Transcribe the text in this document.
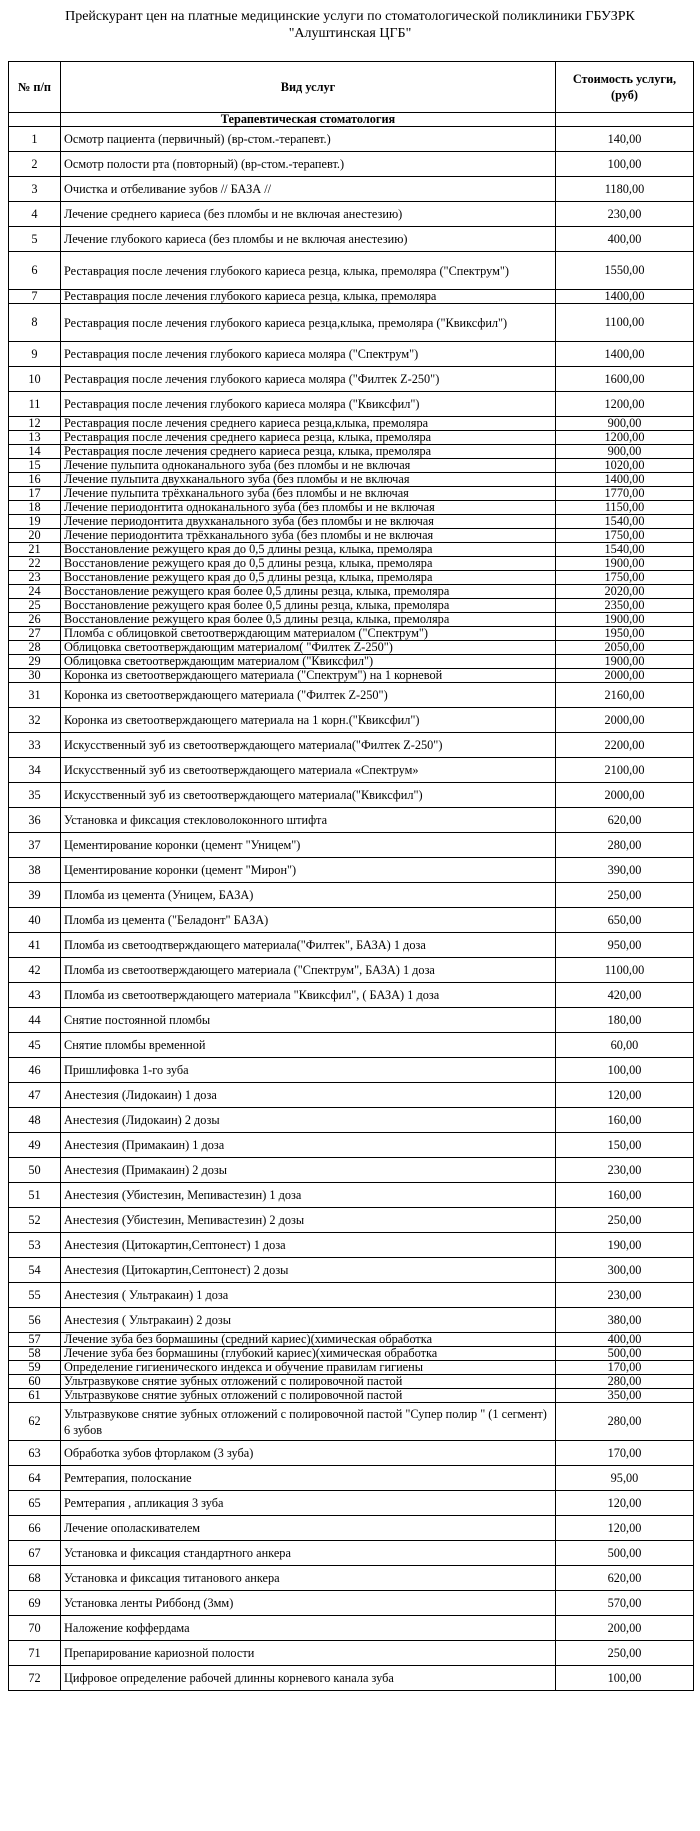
Прейскурант цен на платные медицинские услуги по стоматологической поликлиники ГБУЗРК
"Алуштинская ЦГБ"
№ п/п	Вид услуг	Стоимость услуги, (руб)
	Терапевтическая стоматология	
1	Осмотр пациента (первичный) (вр-стом.-терапевт.)	140,00
2	Осмотр полости рта (повторный) (вр-стом.-терапевт.)	100,00
3	Очистка и отбеливание зубов // БАЗА //	1180,00
4	Лечение среднего кариеса (без пломбы и не включая анестезию)	230,00
5	Лечение глубокого кариеса (без пломбы и не включая анестезию)	400,00
6	Реставрация после лечения глубокого кариеса резца, клыка, премоляра ("Спектрум")	1550,00
7	Реставрация после лечения глубокого кариеса резца, клыка, премоляра	1400,00
8	Реставрация после лечения глубокого кариеса резца,клыка, премоляра ("Квиксфил")	1100,00
9	Реставрация после лечения глубокого кариеса моляра ("Спектрум")	1400,00
10	Реставрация после лечения глубокого кариеса моляра ("Филтек Z-250")	1600,00
11	Реставрация после лечения глубокого кариеса моляра ("Квиксфил")	1200,00
12	Реставрация после лечения среднего кариеса резца,клыка, премоляра	900,00
13	Реставрация после лечения среднего кариеса резца, клыка, премоляра	1200,00
14	Реставрация после лечения среднего кариеса резца, клыка, премоляра	900,00
15	Лечение пульпита одноканального зуба (без пломбы и не включая	1020,00
16	Лечение пульпита двухканального зуба (без пломбы и не включая	1400,00
17	Лечение пульпита трёхканального зуба (без пломбы и не включая	1770,00
18	Лечение периодонтита одноканального зуба (без пломбы и не включая	1150,00
19	Лечение периодонтита двухканального зуба (без пломбы и не включая	1540,00
20	Лечение периодонтита трёхканального зуба (без пломбы и не включая	1750,00
21	Восстановление режущего края до 0,5 длины резца, клыка, премоляра	1540,00
22	Восстановление режущего края до 0,5 длины резца, клыка, премоляра	1900,00
23	Восстановление режущего края до 0,5 длины резца, клыка, премоляра	1750,00
24	Восстановление режущего края более 0,5 длины резца, клыка, премоляра	2020,00
25	Восстановление режущего края более 0,5 длины резца, клыка, премоляра	2350,00
26	Восстановление режущего края более 0,5 длины резца, клыка, премоляра	1900,00
27	Пломба с облицовкой светоотверждающим материалом ("Спектрум")	1950,00
28	Облицовка светоотверждающим материалом( "Филтек Z-250")	2050,00
29	Облицовка светоотверждающим материалом ("Квиксфил")	1900,00
30	Коронка из светоотверждающего материала ("Спектрум") на 1 корневой	2000,00
31	Коронка из светоотверждающего материала ("Филтек Z-250")	2160,00
32	Коронка из светоотверждающего материала на 1 корн.("Квиксфил")	2000,00
33	Искусственный зуб из светоотверждающего материала("Филтек Z-250")	2200,00
34	Искусственный зуб из светоотверждающего материала «Спектрум»	2100,00
35	Искусственный зуб из светоотверждающего материала("Квиксфил")	2000,00
36	Установка и фиксация стекловолоконного штифта	620,00
37	Цементирование коронки (цемент "Уницем")	280,00
38	Цементирование коронки (цемент "Мирон")	390,00
39	Пломба из цемента (Уницем, БАЗА)	250,00
40	Пломба из цемента ("Беладонт" БАЗА)	650,00
41	Пломба из светоодтверждающего материала("Филтек", БАЗА) 1 доза	950,00
42	Пломба из светоотверждающего материала ("Спектрум", БАЗА) 1 доза	1100,00
43	Пломба из светоотверждающего материала "Квиксфил", ( БАЗА) 1 доза	420,00
44	Снятие постоянной пломбы	180,00
45	Снятие пломбы временной	60,00
46	Пришлифовка 1-го зуба	100,00
47	Анестезия (Лидокаин) 1 доза	120,00
48	Анестезия (Лидокаин) 2 дозы	160,00
49	Анестезия (Примакаин) 1 доза	150,00
50	Анестезия (Примакаин) 2 дозы	230,00
51	Анестезия (Убистезин, Мепивастезин) 1 доза	160,00
52	Анестезия (Убистезин, Мепивастезин) 2 дозы	250,00
53	Анестезия (Цитокартин,Септонест) 1 доза	190,00
54	Анестезия (Цитокартин,Септонест) 2 дозы	300,00
55	Анестезия ( Ультракаин) 1 доза	230,00
56	Анестезия ( Ультракаин) 2 дозы	380,00
57	Лечение зуба без бормашины (средний кариес)(химическая обработка	400,00
58	Лечение зуба без бормашины (глубокий кариес)(химическая обработка	500,00
59	Определение гигиенического индекса и обучение правилам гигиены	170,00
60	Ультразвукове снятие зубных отложений с полировочной пастой	280,00
61	Ультразвукове снятие зубных отложений с полировочной пастой	350,00
62	Ультразвукове снятие зубных отложений с полировочной пастой "Супер полир " (1 сегмент) 6 зубов	280,00
63	Обработка зубов фторлаком (3 зуба)	170,00
64	Ремтерапия, полоскание	95,00
65	Ремтерапия , апликация 3 зуба	120,00
66	Лечение ополаскивателем	120,00
67	Установка и фиксация стандартного анкера	500,00
68	Установка и фиксация титанового анкера	620,00
69	Установка ленты Риббонд (3мм)	570,00
70	Наложение коффердама	200,00
71	Препарирование кариозной полости	250,00
72	Цифровое определение рабочей длинны корневого канала зуба	100,00
